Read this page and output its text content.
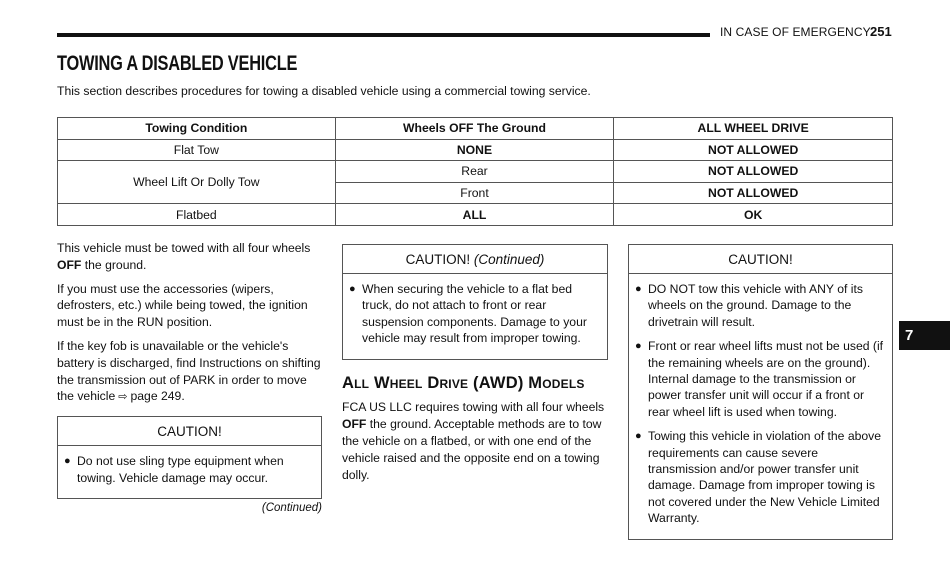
IN CASE OF EMERGENCY 251
TOWING A DISABLED VEHICLE
This section describes procedures for towing a disabled vehicle using a commercial towing service.
Towing Condition	Wheels OFF The Ground	ALL WHEEL DRIVE
Flat Tow	NONE	NOT ALLOWED
Wheel Lift Or Dolly Tow	Rear	NOT ALLOWED
	Front	NOT ALLOWED
Flatbed	ALL	OK

This vehicle must be towed with all four wheels OFF the ground.

If you must use the accessories (wipers, defrosters, etc.) while being towed, the ignition must be in the RUN position.

If the key fob is unavailable or the vehicle's battery is discharged, find Instructions on shifting the transmission out of PARK in order to move the vehicle ⇨ page 249.

CAUTION!
● Do not use sling type equipment when towing. Vehicle damage may occur.
(Continued)
CAUTION! (Continued)
● When securing the vehicle to a flat bed truck, do not attach to front or rear suspension components. Damage to your vehicle may result from improper towing.
All Wheel Drive (AWD) Models

FCA US LLC requires towing with all four wheels OFF the ground. Acceptable methods are to tow the vehicle on a flatbed, or with one end of the vehicle raised and the opposite end on a towing dolly.

CAUTION!
● DO NOT tow this vehicle with ANY of its wheels on the ground. Damage to the drivetrain will result.
● Front or rear wheel lifts must not be used (if the remaining wheels are on the ground). Internal damage to the transmission or power transfer unit will occur if a front or rear wheel lift is used when towing.
● Towing this vehicle in violation of the above requirements can cause severe transmission and/or power transfer unit damage. Damage from improper towing is not covered under the New Vehicle Limited Warranty.
7
